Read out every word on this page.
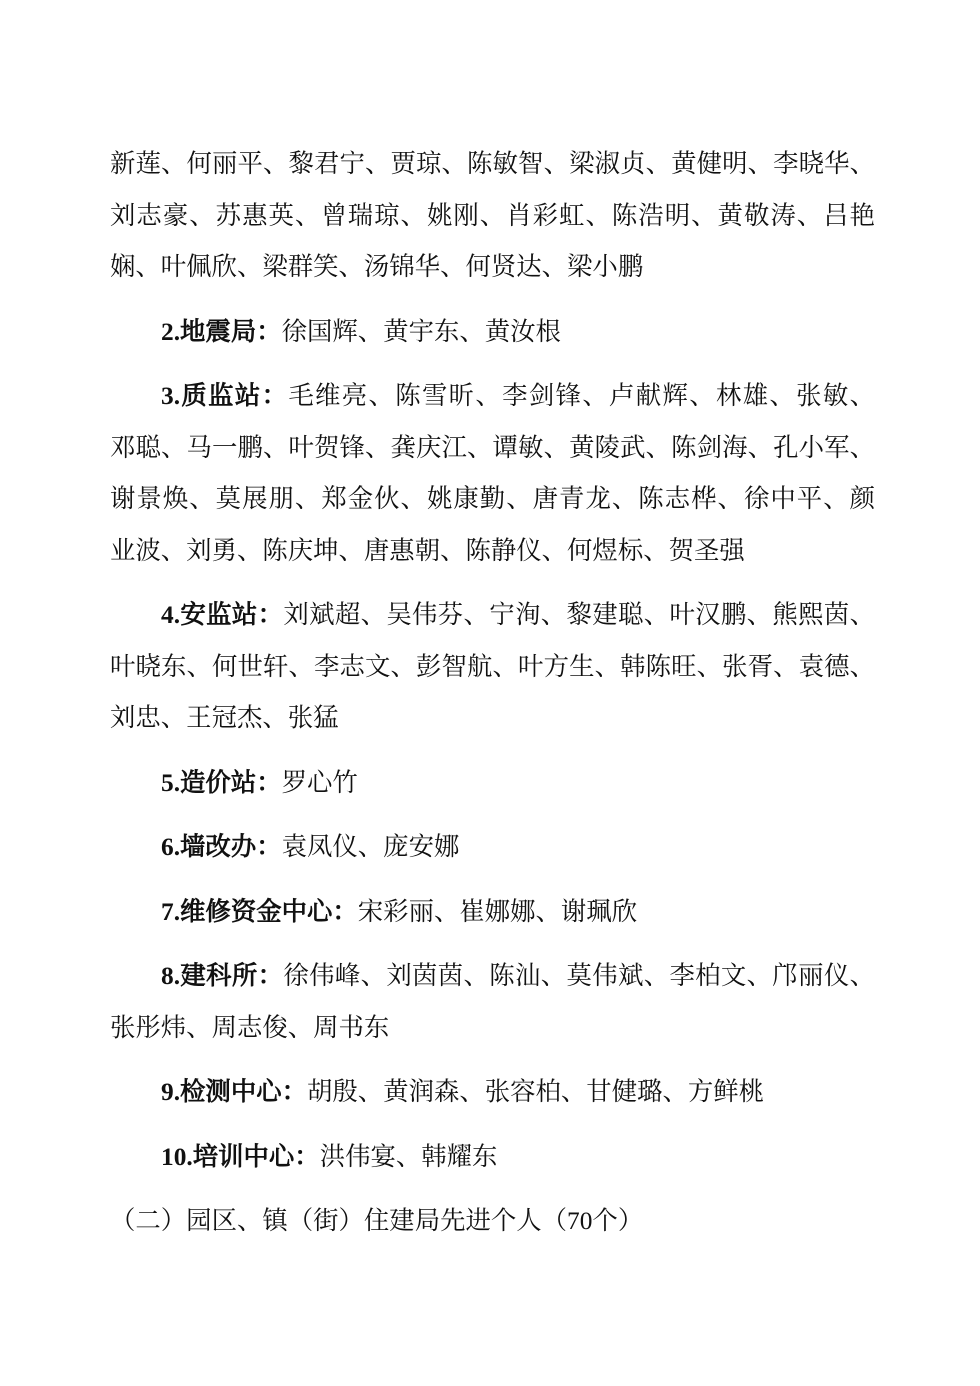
新莲、何丽平、黎君宁、贾琼、陈敏智、梁淑贞、黄健明、李晓华、
刘志豪、苏惠英、曾瑞琼、姚刚、肖彩虹、陈浩明、黄敬涛、吕艳
娴、叶佩欣、梁群笑、汤锦华、何贤达、梁小鹏
2.地震局：徐国辉、黄宇东、黄汝根
3.质监站：毛维亮、陈雪昕、李剑锋、卢献辉、林雄、张敏、
邓聪、马一鹏、叶贺锋、龚庆江、谭敏、黄陵武、陈剑海、孔小军、
谢景焕、莫展朋、郑金伙、姚康勤、唐青龙、陈志桦、徐中平、颜
业波、刘勇、陈庆坤、唐惠朝、陈静仪、何煜标、贺圣强
4.安监站：刘斌超、吴伟芬、宁洵、黎建聪、叶汉鹏、熊熙茵、
叶晓东、何世轩、李志文、彭智航、叶方生、韩陈旺、张胥、袁德、
刘忠、王冠杰、张猛
5.造价站：罗心竹
6.墙改办：袁凤仪、庞安娜
7.维修资金中心：宋彩丽、崔娜娜、谢珮欣
8.建科所：徐伟峰、刘茵茵、陈汕、莫伟斌、李柏文、邝丽仪、
张彤炜、周志俊、周书东
9.检测中心：胡殷、黄润森、张容柏、甘健璐、方鲜桃
10.培训中心：洪伟宴、韩耀东
（二）园区、镇（街）住建局先进个人（70个）
